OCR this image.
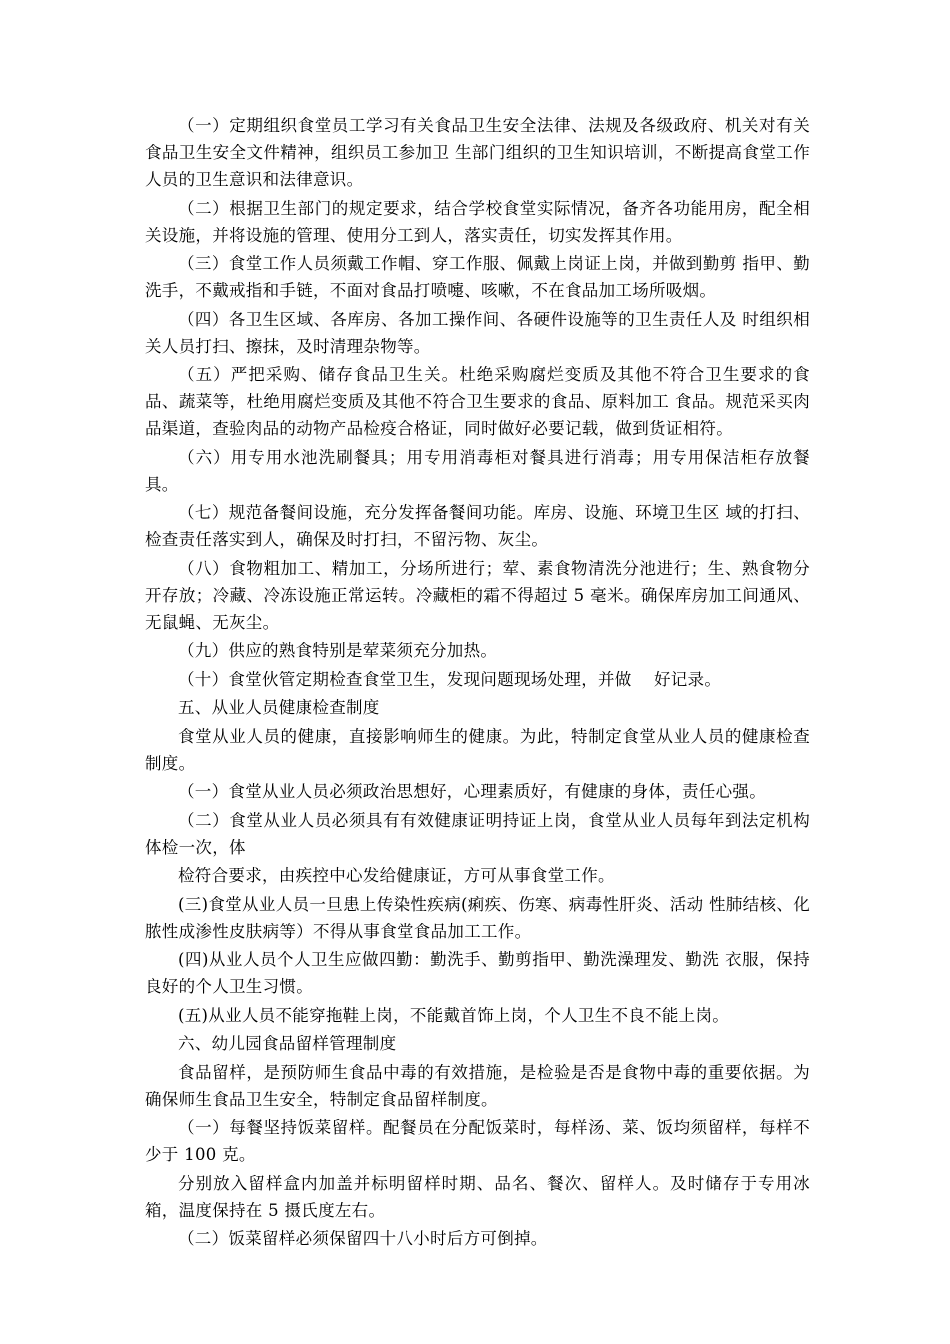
（一）定期组织食堂员工学习有关食品卫生安全法律、法规及各级政府、机关对有关食品卫生安全文件精神，组织员工参加卫 生部门组织的卫生知识培训，不断提高食堂工作人员的卫生意识和法律意识。

（二）根据卫生部门的规定要求，结合学校食堂实际情况，备齐各功能用房，配全相关设施，并将设施的管理、使用分工到人，落实责任，切实发挥其作用。

（三）食堂工作人员须戴工作帽、穿工作服、佩戴上岗证上岗，并做到勤剪 指甲、勤洗手，不戴戒指和手链，不面对食品打喷嚏、咳嗽，不在食品加工场所吸烟。

（四）各卫生区域、各库房、各加工操作间、各硬件设施等的卫生责任人及 时组织相关人员打扫、擦抹，及时清理杂物等。

（五）严把采购、储存食品卫生关。杜绝采购腐烂变质及其他不符合卫生要求的食品、蔬菜等，杜绝用腐烂变质及其他不符合卫生要求的食品、原料加工 食品。规范采买肉品渠道，查验肉品的动物产品检疫合格证，同时做好必要记载，做到货证相符。

（六）用专用水池洗刷餐具；用专用消毒柜对餐具进行消毒；用专用保洁柜存放餐具。

（七）规范备餐间设施，充分发挥备餐间功能。库房、设施、环境卫生区 域的打扫、检查责任落实到人，确保及时打扫，不留污物、灰尘。

（八）食物粗加工、精加工，分场所进行；荤、素食物清洗分池进行；生、熟食物分开存放；冷藏、冷冻设施正常运转。冷藏柜的霜不得超过 5 毫米。确保库房加工间通风、无鼠蝇、无灰尘。

（九）供应的熟食特别是荤菜须充分加热。

（十）食堂伙管定期检查食堂卫生，发现问题现场处理，并做　 好记录。

五、从业人员健康检查制度

食堂从业人员的健康，直接影响师生的健康。为此，特制定食堂从业人员的健康检查制度。

（一）食堂从业人员必须政治思想好，心理素质好，有健康的身体，责任心强。

（二）食堂从业人员必须具有有效健康证明持证上岗，食堂从业人员每年到法定机构体检一次，体

检符合要求，由疾控中心发给健康证，方可从事食堂工作。

(三)食堂从业人员一旦患上传染性疾病(痢疾、伤寒、病毒性肝炎、活动 性肺结核、化脓性成渗性皮肤病等）不得从事食堂食品加工工作。

(四)从业人员个人卫生应做四勤：勤洗手、勤剪指甲、勤洗澡理发、勤洗 衣服，保持良好的个人卫生习惯。

(五)从业人员不能穿拖鞋上岗，不能戴首饰上岗，个人卫生不良不能上岗。

六、幼儿园食品留样管理制度

食品留样，是预防师生食品中毒的有效措施，是检验是否是食物中毒的重要依据。为确保师生食品卫生安全，特制定食品留样制度。

（一）每餐坚持饭菜留样。配餐员在分配饭菜时，每样汤、菜、饭均须留样，每样不少于 100 克。

分别放入留样盒内加盖并标明留样时期、品名、餐次、留样人。及时储存于专用冰箱，温度保持在 5 摄氏度左右。

（二）饭菜留样必须保留四十八小时后方可倒掉。
